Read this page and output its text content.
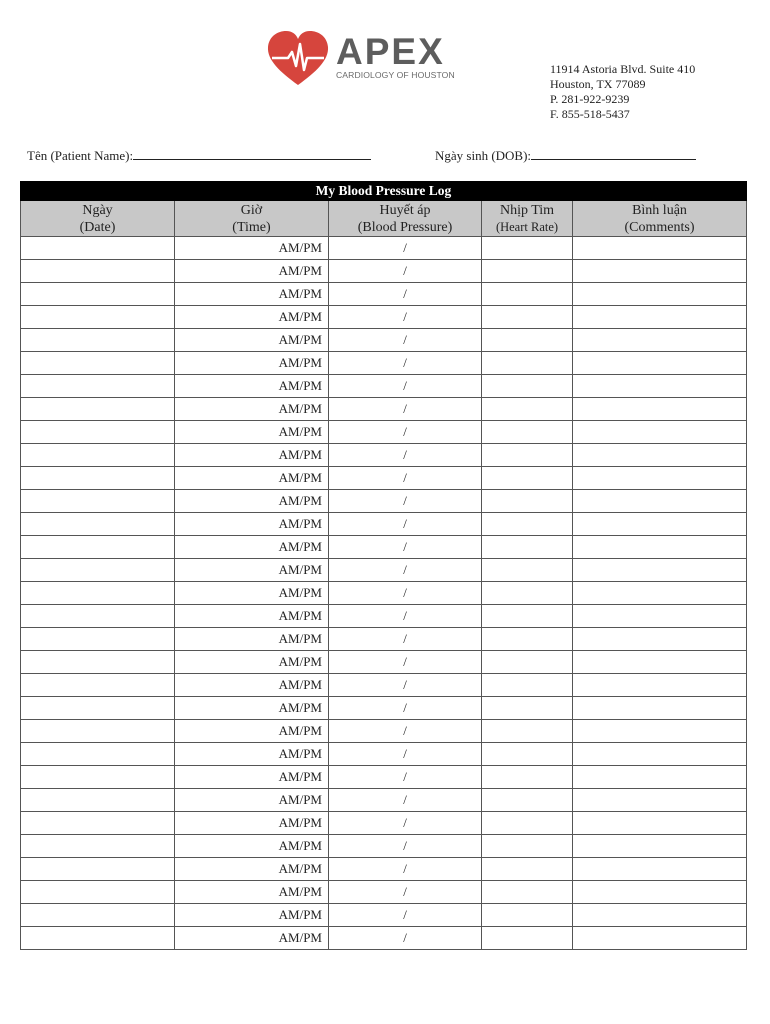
APEX
CARDIOLOGY OF HOUSTON	11914 Astoria Blvd. Suite 410
Houston, TX 77089
P. 281-922-9239
F. 855-518-5437
Tên (Patient Name):	Ngày sinh (DOB):
My Blood Pressure Log				
Ngày
(Date)	Giờ
(Time)	Huyết áp
(Blood Pressure)	Nhịp Tim
(Heart Rate)	Bình luận
(Comments)
	AM/PM	/		
	AM/PM	/		
	AM/PM	/		
	AM/PM	/		
	AM/PM	/		
	AM/PM	/		
	AM/PM	/		
	AM/PM	/		
	AM/PM	/		
	AM/PM	/		
	AM/PM	/		
	AM/PM	/		
	AM/PM	/		
	AM/PM	/		
	AM/PM	/		
	AM/PM	/		
	AM/PM	/		
	AM/PM	/		
	AM/PM	/		
	AM/PM	/		
	AM/PM	/		
	AM/PM	/		
	AM/PM	/		
	AM/PM	/		
	AM/PM	/		
	AM/PM	/		
	AM/PM	/		
	AM/PM	/		
	AM/PM	/		
	AM/PM	/		
	AM/PM	/		
